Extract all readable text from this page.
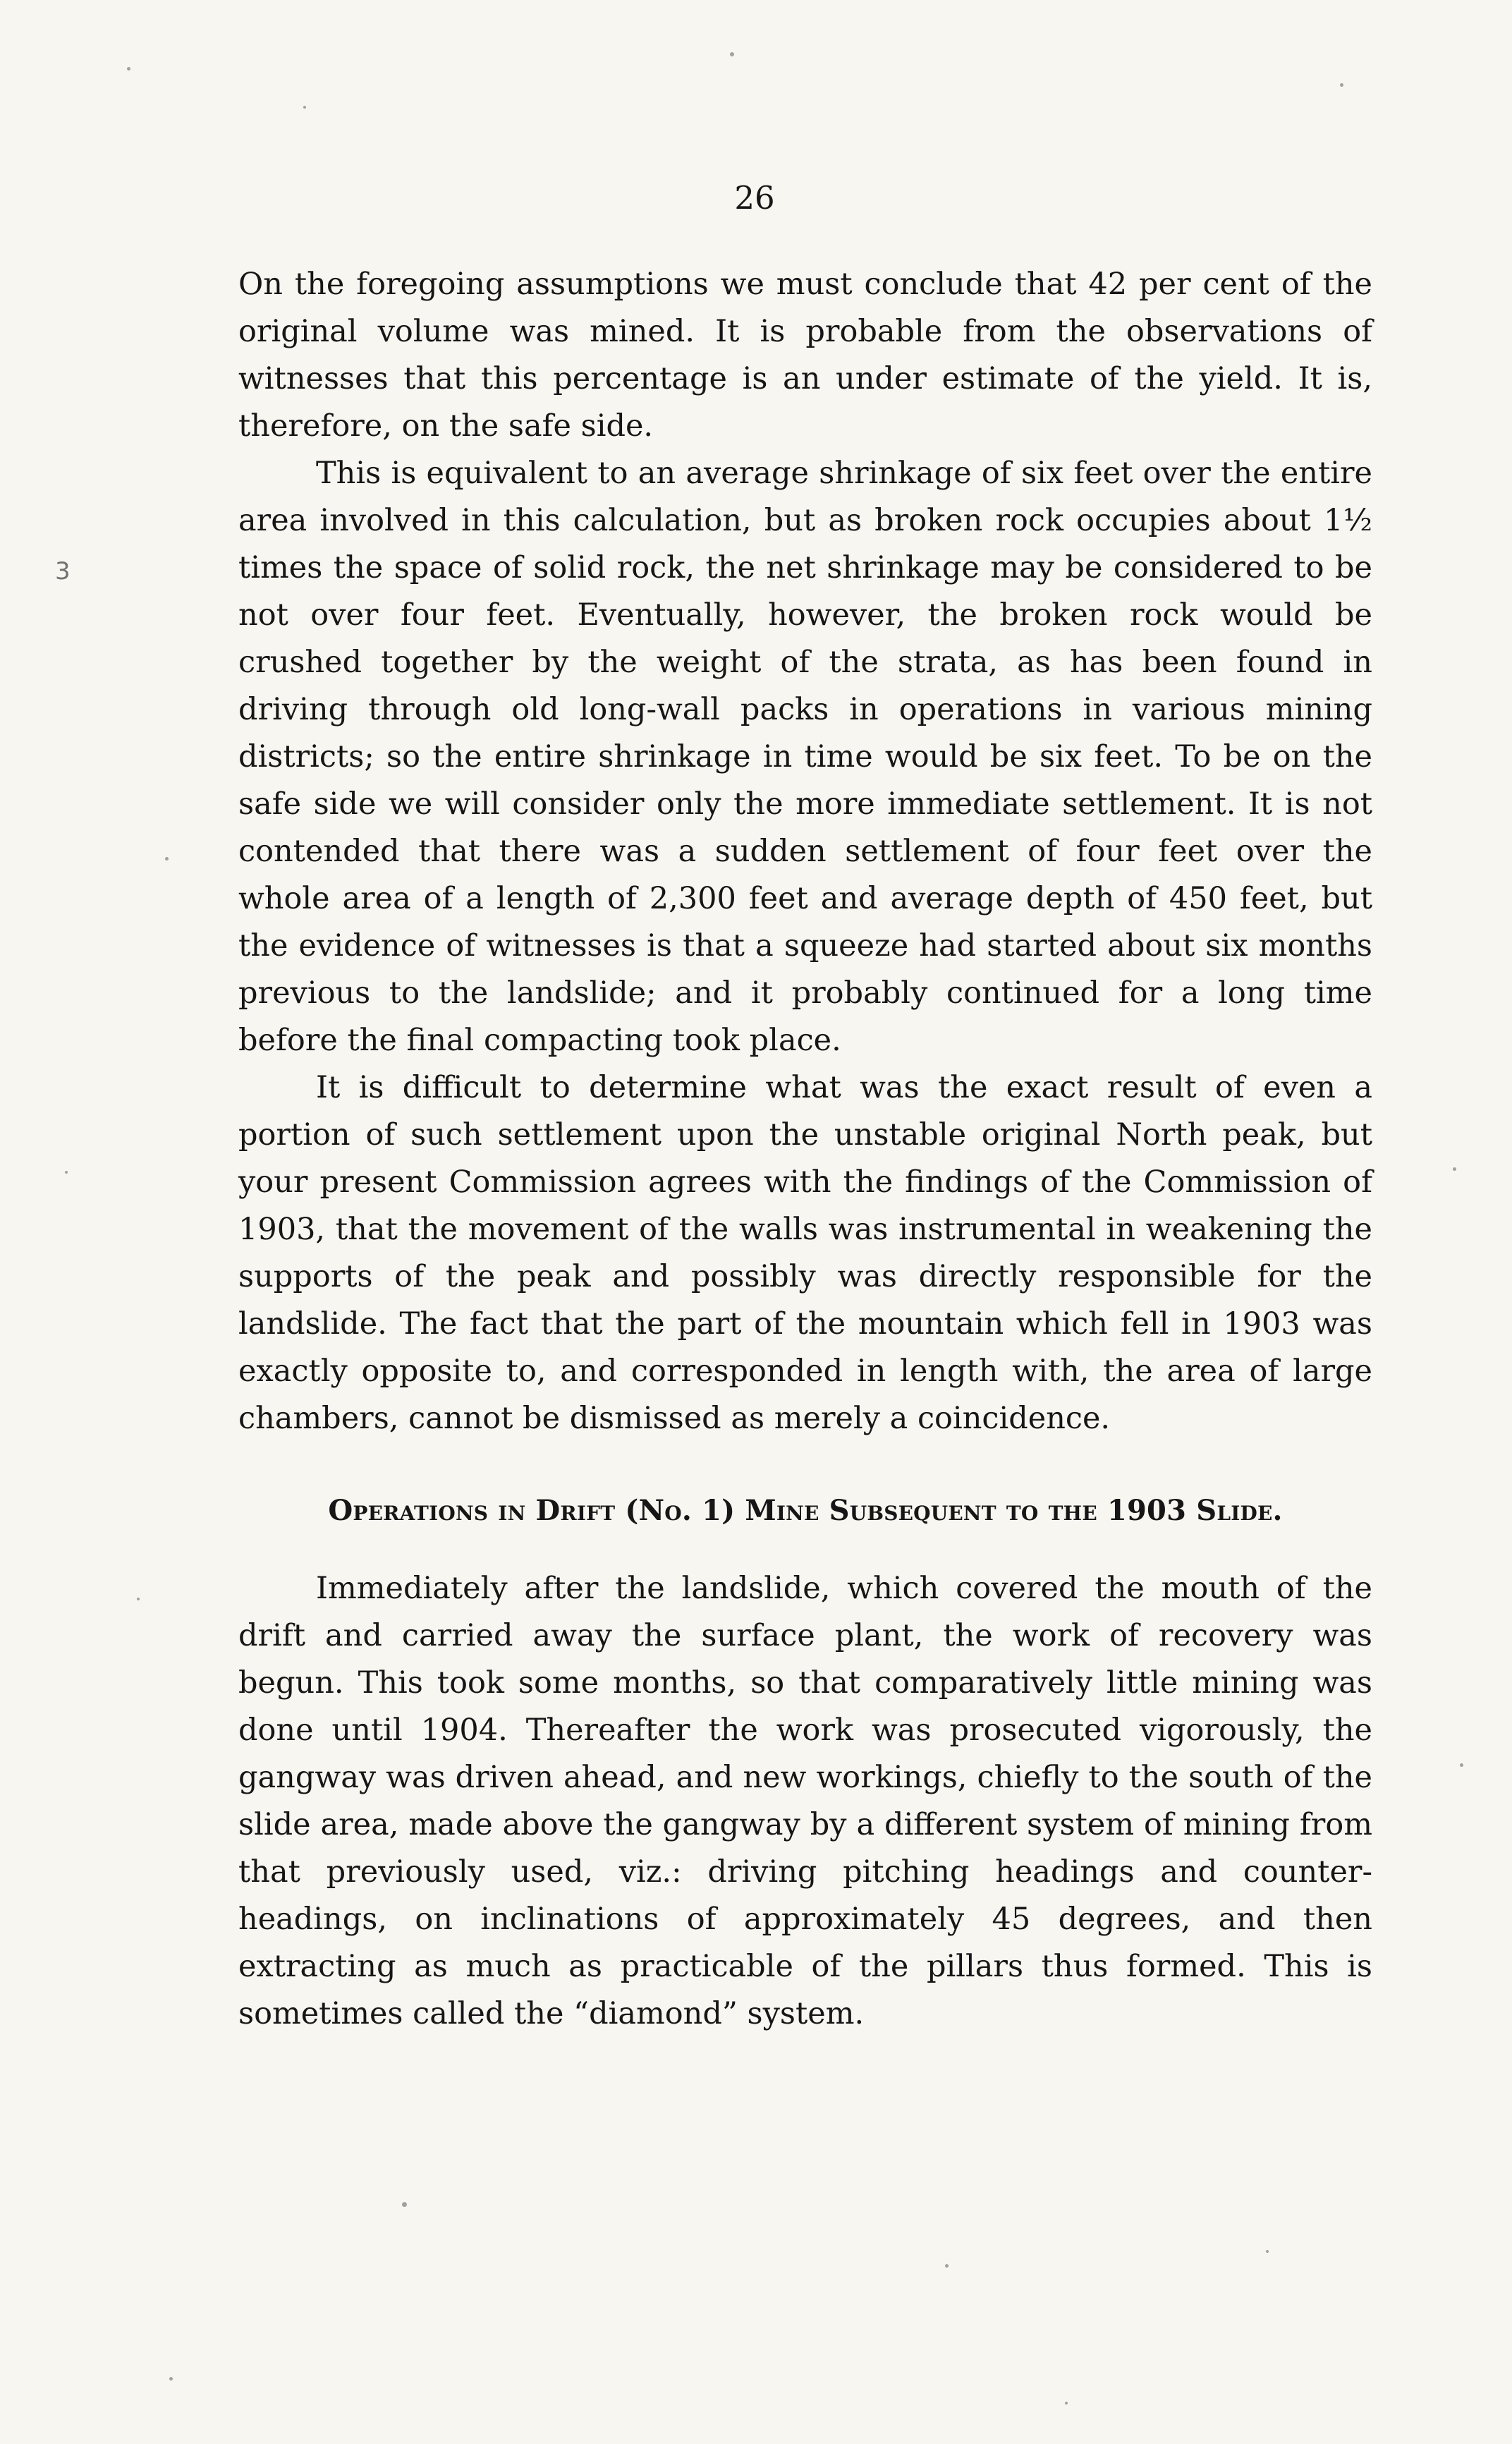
26

On the foregoing assumptions we must conclude that 42 per cent of the original volume was mined. It is probable from the observations of witnesses that this percentage is an under estimate of the yield. It is, therefore, on the safe side.

This is equivalent to an average shrinkage of six feet over the entire area involved in this calculation, but as broken rock occupies about 1½ times the space of solid rock, the net shrinkage may be considered to be not over four feet. Eventually, however, the broken rock would be crushed together by the weight of the strata, as has been found in driving through old long-wall packs in operations in various mining districts; so the entire shrinkage in time would be six feet. To be on the safe side we will consider only the more immediate settlement. It is not contended that there was a sudden settlement of four feet over the whole area of a length of 2,300 feet and average depth of 450 feet, but the evidence of witnesses is that a squeeze had started about six months previous to the landslide; and it probably continued for a long time before the final compacting took place.

It is difficult to determine what was the exact result of even a portion of such settlement upon the unstable original North peak, but your present Commission agrees with the findings of the Commission of 1903, that the movement of the walls was instrumental in weakening the supports of the peak and possibly was directly responsible for the landslide. The fact that the part of the mountain which fell in 1903 was exactly opposite to, and corresponded in length with, the area of large chambers, cannot be dismissed as merely a coincidence.

Operations in Drift (No. 1) Mine Subsequent to the 1903 Slide.

Immediately after the landslide, which covered the mouth of the drift and carried away the surface plant, the work of recovery was begun. This took some months, so that comparatively little mining was done until 1904. Thereafter the work was prosecuted vigorously, the gangway was driven ahead, and new workings, chiefly to the south of the slide area, made above the gangway by a different system of mining from that previously used, viz.: driving pitching headings and counter-headings, on inclinations of approximately 45 degrees, and then extracting as much as practicable of the pillars thus formed. This is sometimes called the “diamond” system.

3
